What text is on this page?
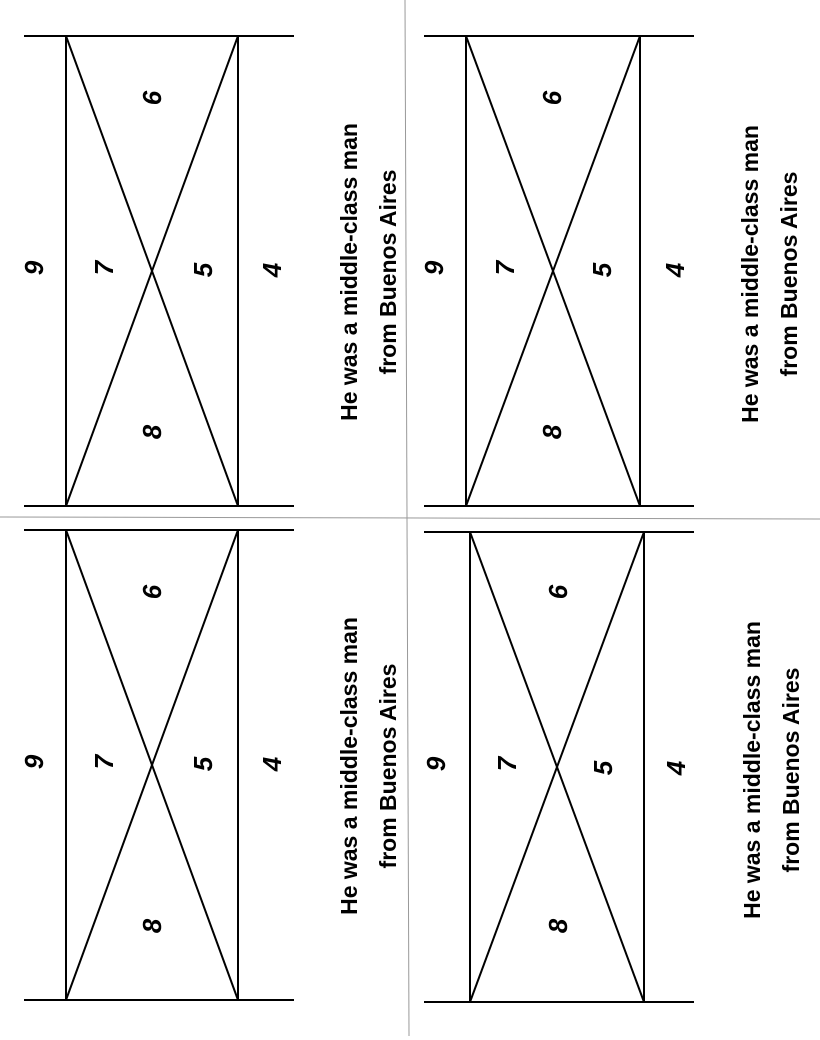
9 7
8
6
5 4 He was a middle-class man from Buenos Aires 9 7
8
6
5 4 He was a middle-class man from Buenos Aires
9 7
8
6
5 4 He was a middle-class man from Buenos Aires 9 7
8
6
5 4 He was a middle-class man from Buenos Aires
